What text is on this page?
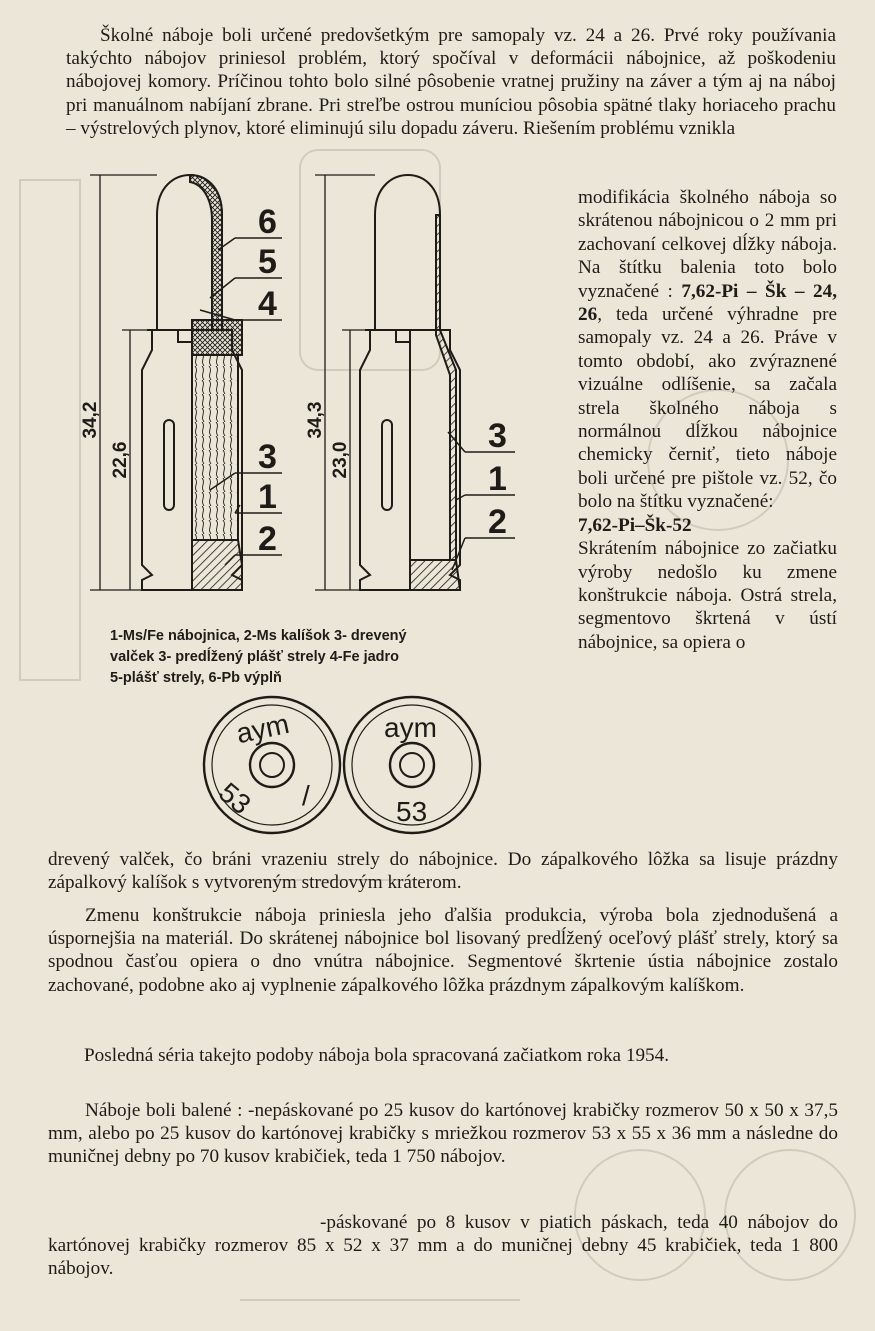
Školné náboje boli určené predovšetkým pre samopaly vz. 24 a 26. Prvé roky používania takýchto nábojov priniesol problém, ktorý spočíval v deformácii nábojnice, až poškodeniu nábojovej komory. Príčinou tohto bolo silné pôsobenie vratnej pružiny na záver a tým aj na náboj pri manuálnom nabíjaní zbrane. Pri streľbe ostrou muníciou pôsobia spätné tlaky horiaceho prachu – výstrelových plynov, ktoré eliminujú silu dopadu záveru. Riešením problému vznikla

modifikácia školného náboja so skrátenou nábojnicou o 2 mm pri zachovaní celkovej dĺžky náboja. Na štítku balenia toto bolo vyznačené : 7,62-Pi – Šk – 24, 26, teda určené výhradne pre samopaly vz. 24 a 26. Práve v tomto období, ako zvýraznené vizuálne odlíšenie, sa začala strela školného náboja s normálnou dĺžkou nábojnice chemicky černiť, tieto náboje boli určené pre pištole vz. 52, čo bolo na štítku vyznačené:
7,62-Pi–Šk-52
Skrátením nábojnice zo začiatku výroby nedošlo ku zmene konštrukcie náboja. Ostrá strela, segmentovo škrtená v ústí nábojnice, sa opiera o

34,2
22,6
34,3
23,0
6
5
4
3
1
2
3
1
2
1-Ms/Fe nábojnica, 2-Ms kalíšok 3- drevený
valček 3- predĺžený plášť strely 4-Fe jadro
5-plášť strely, 6-Pb výplň
aym
53 /
aym
53

drevený valček, čo bráni vrazeniu strely do nábojnice. Do zápalkového lôžka sa lisuje prázdny zápalkový kalíšok s vytvoreným stredovým kráterom.

Zmenu konštrukcie náboja priniesla jeho ďalšia produkcia, výroba bola zjednodušená a úspornejšia na materiál. Do skrátenej nábojnice bol lisovaný predĺžený oceľový plášť strely, ktorý sa spodnou časťou opiera o dno vnútra nábojnice. Segmentové škrtenie ústia nábojnice zostalo zachované, podobne ako aj vyplnenie zápalkového lôžka prázdnym zápalkovým kalíškom.

Posledná séria takejto podoby náboja bola spracovaná začiatkom roka 1954.

Náboje boli balené : -nepáskované po 25 kusov do kartónovej krabičky rozmerov 50 x 50 x 37,5 mm, alebo po 25 kusov do kartónovej krabičky s mriežkou rozmerov 53 x 55 x 36 mm a následne do muničnej debny po 70 kusov krabičiek, teda 1 750 nábojov.

-páskované po 8 kusov v piatich páskach, teda 40 nábojov do kartónovej krabičky rozmerov 85 x 52 x 37 mm a do muničnej debny 45 krabičiek, teda 1 800 nábojov.
